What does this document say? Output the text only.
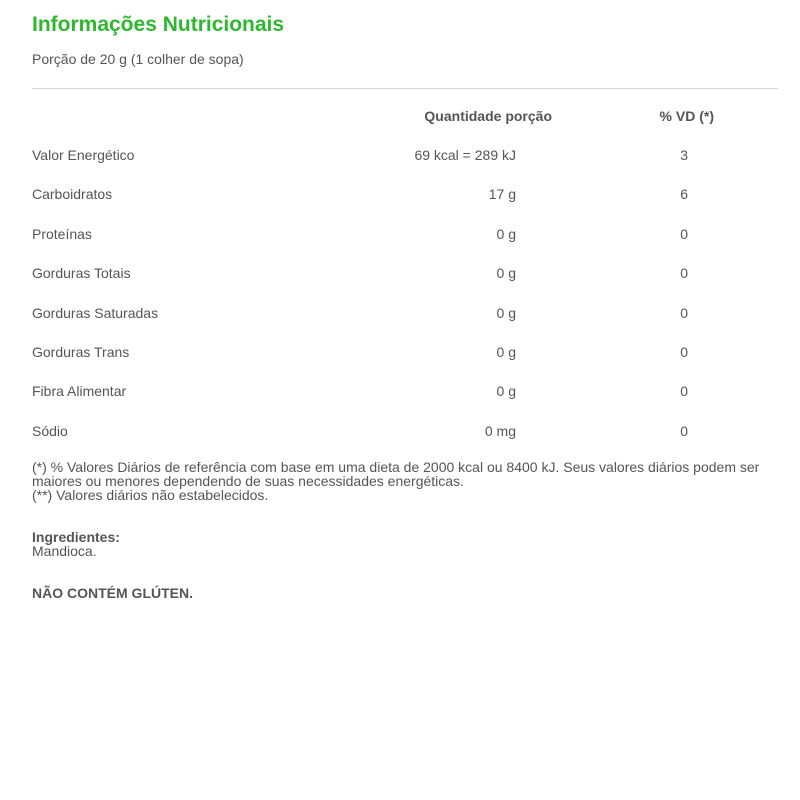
Informações Nutricionais
Porção de 20 g (1 colher de sopa)
	Quantidade porção	% VD (*)
Valor Energético	69 kcal = 289 kJ	3
Carboidratos	17 g	6
Proteínas	0 g	0
Gorduras Totais	0 g	0
Gorduras Saturadas	0 g	0
Gorduras Trans	0 g	0
Fibra Alimentar	0 g	0
Sódio	0 mg	0

(*) % Valores Diários de referência com base em uma dieta de 2000 kcal ou 8400 kJ. Seus valores diários podem ser maiores ou menores dependendo de suas necessidades energéticas.

(**) Valores diários não estabelecidos.

Ingredientes:
Mandioca.
NÃO CONTÉM GLÚTEN.
